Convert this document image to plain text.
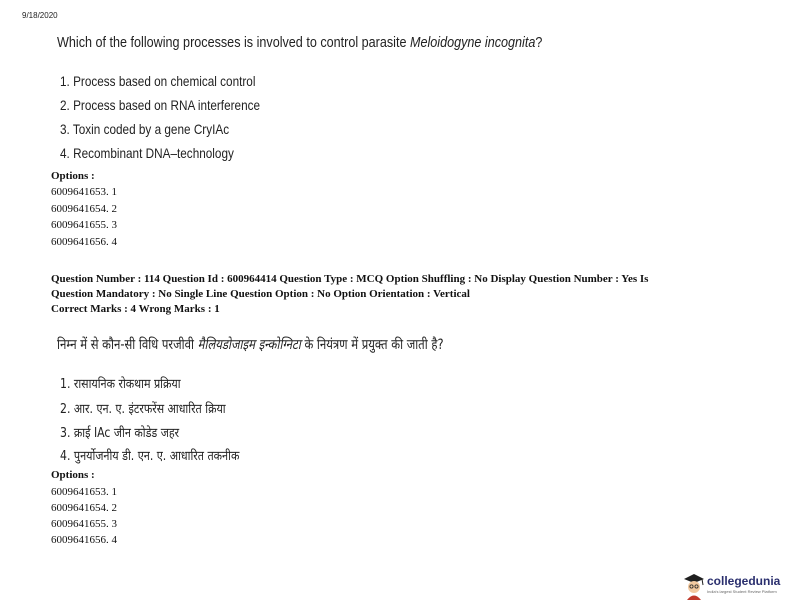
9/18/2020
Which of the following processes is involved to control parasite Meloidogyne incognita?
1. Process based on chemical control
2. Process based on RNA interference
3. Toxin coded by a gene CryIAc
4. Recombinant DNA–technology
Options :
6009641653. 1
6009641654. 2
6009641655. 3
6009641656. 4
Question Number : 114 Question Id : 600964414 Question Type : MCQ Option Shuffling : No Display Question Number : Yes Is
Question Mandatory : No Single Line Question Option : No Option Orientation : Vertical
Correct Marks : 4 Wrong Marks : 1
निम्न में से कौन-सी विधि परजीवी मैलियडोजाइम इन्कोग्निटा के नियंत्रण में प्रयुक्त की जाती है?
1. रासायनिक रोकथाम प्रक्रिया
2. आर. एन. ए. इंटरफरेंस आधारित क्रिया
3. क्राई IAc जीन कोडेड जहर
4. पुनर्योजनीय डी. एन. ए. आधारित तकनीक
Options :
6009641653. 1
6009641654. 2
6009641655. 3
6009641656. 4
collegedunia
India's largest Student Review Platform
